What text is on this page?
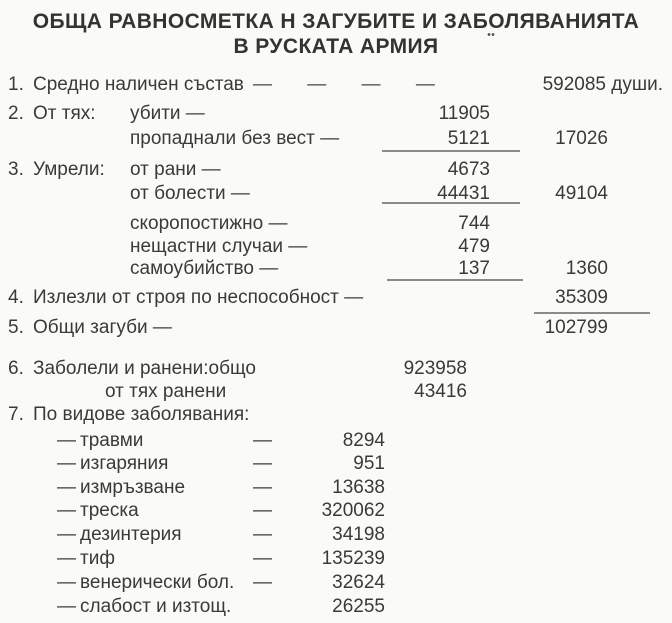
ОБЩА РАВНОСМЕТКА Н ЗАГУБИТЕ И ЗАБОЛЯВАНИЯТА
В РУСКАТА АРМИЯ
1. Средно наличен състав — — — —	592085 души.
2. От тях: убити —	11905
пропаднали без вест —	5121	17026
3. Умрели: от рани —	4673
от болести —	44431	49104
скоропостижно —	744
нещастни случаи —	479
самоубийство —	137	1360
4. Излезли от строя по неспособност —	35309
5. Общи загуби —	102799
6. Заболели и ранени:общо	923958
от тях ранени	43416
7. По видове заболявания:
— травми	—	8294
— изгаряния	—	951
— измръзване	—	13638
— треска	—	320062
— дезинтерия	—	34198
— тиф	—	135239
— венерически бол. —	32624
— слабост и изтощ.	26255
